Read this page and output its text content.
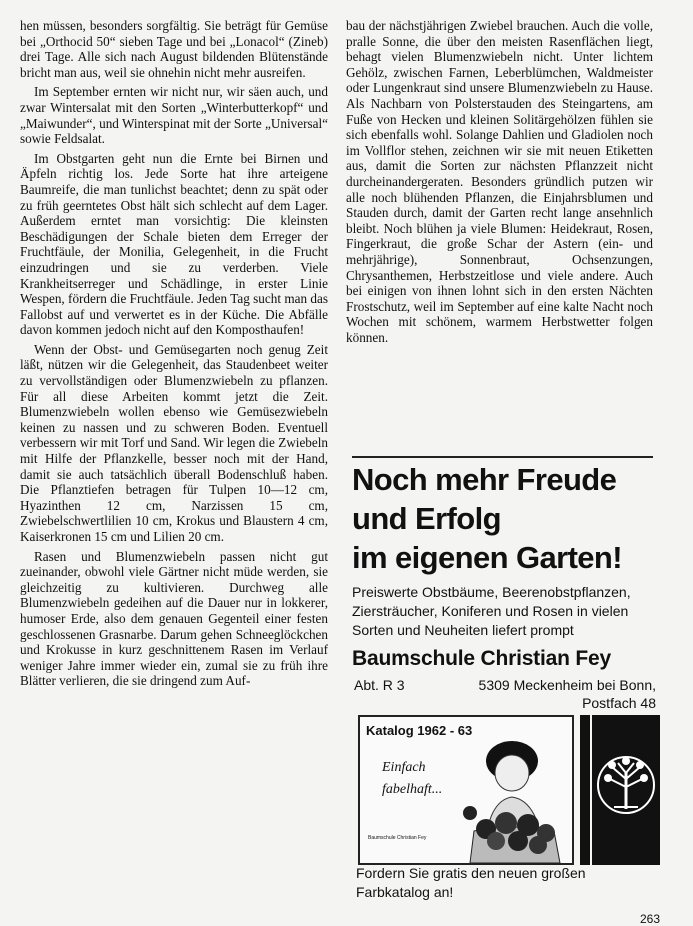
hen müssen, besonders sorgfältig. Sie beträgt für Gemüse bei „Orthocid 50“ sieben Tage und bei „Lonacol“ (Zineb) drei Tage. Alle sich nach August bildenden Blütenstände bricht man aus, weil sie ohnehin nicht mehr ausreifen.

Im September ernten wir nicht nur, wir säen auch, und zwar Wintersalat mit den Sorten „Winterbutterkopf“ und „Maiwunder“, und Winterspinat mit der Sorte „Universal“ sowie Feldsalat.

Im Obstgarten geht nun die Ernte bei Birnen und Äpfeln richtig los. Jede Sorte hat ihre arteigene Baumreife, die man tunlichst beachtet; denn zu spät oder zu früh geerntetes Obst hält sich schlecht auf dem Lager. Außerdem erntet man vorsichtig: Die kleinsten Beschädigungen der Schale bieten dem Erreger der Fruchtfäule, der Monilia, Gelegenheit, in die Frucht einzudringen und sie zu verderben. Viele Krankheitserreger und Schädlinge, in erster Linie Wespen, fördern die Fruchtfäule. Jeden Tag sucht man das Fallobst auf und verwertet es in der Küche. Die Abfälle davon kommen jedoch nicht auf den Komposthaufen!

Wenn der Obst- und Gemüsegarten noch genug Zeit läßt, nützen wir die Gelegenheit, das Staudenbeet weiter zu vervollständigen oder Blumenzwiebeln zu pflanzen. Für all diese Arbeiten kommt jetzt die Zeit. Blumenzwiebeln wollen ebenso wie Gemüsezwiebeln keinen zu nassen und zu schweren Boden. Eventuell verbessern wir mit Torf und Sand. Wir legen die Zwiebeln mit Hilfe der Pflanzkelle, besser noch mit der Hand, damit sie auch tatsächlich überall Bodenschluß haben. Die Pflanztiefen betragen für Tulpen 10—12 cm, Hyazinthen 12 cm, Narzissen 15 cm, Zwiebelschwertlilien 10 cm, Krokus und Blaustern 4 cm, Kaiserkronen 15 cm und Lilien 20 cm.

Rasen und Blumenzwiebeln passen nicht gut zueinander, obwohl viele Gärtner nicht müde werden, sie gleichzeitig zu kultivieren. Durchweg alle Blumenzwiebeln gedeihen auf die Dauer nur in lokkerer, humoser Erde, also dem genauen Gegenteil einer festen geschlossenen Grasnarbe. Darum gehen Schneeglöckchen und Krokusse in kurz geschnittenem Rasen im Verlauf weniger Jahre immer wieder ein, zumal sie zu früh ihre Blätter verlieren, die sie dringend zum Auf-

bau der nächstjährigen Zwiebel brauchen. Auch die volle, pralle Sonne, die über den meisten Rasenflächen liegt, behagt vielen Blumenzwiebeln nicht. Unter lichtem Gehölz, zwischen Farnen, Leberblümchen, Waldmeister oder Lungenkraut sind unsere Blumenzwiebeln zu Hause. Als Nachbarn von Polsterstauden des Steingartens, am Fuße von Hecken und kleinen Solitärgehölzen fühlen sie sich ebenfalls wohl. Solange Dahlien und Gladiolen noch im Vollflor stehen, zeichnen wir sie mit neuen Etiketten aus, damit die Sorten zur nächsten Pflanzzeit nicht durcheinandergeraten. Besonders gründlich putzen wir alle noch blühenden Pflanzen, die Einjahrsblumen und Stauden durch, damit der Garten recht lange ansehnlich bleibt. Noch blühen ja viele Blumen: Heidekraut, Rosen, Fingerkraut, die große Schar der Astern (ein- und mehrjährige), Sonnenbraut, Ochsenzungen, Chrysanthemen, Herbstzeitlose und viele andere. Auch bei einigen von ihnen lohnt sich in den ersten Nächten Frostschutz, weil im September auf eine kalte Nacht noch Wochen mit schönem, warmem Herbstwetter folgen können.

Noch mehr Freude
und Erfolg
im eigenen Garten!
Preiswerte Obstbäume, Beerenobstpflanzen, Ziersträucher, Koniferen und Rosen in vielen Sorten und Neuheiten liefert prompt
Baumschule Christian Fey
Abt. R 3	5309 Meckenheim bei Bonn,
Postfach 48
Katalog 1962 - 63
Einfach
fabelhaft...
Baumschule Christian Fey
Fordern Sie gratis den neuen großen Farbkatalog an!
263
